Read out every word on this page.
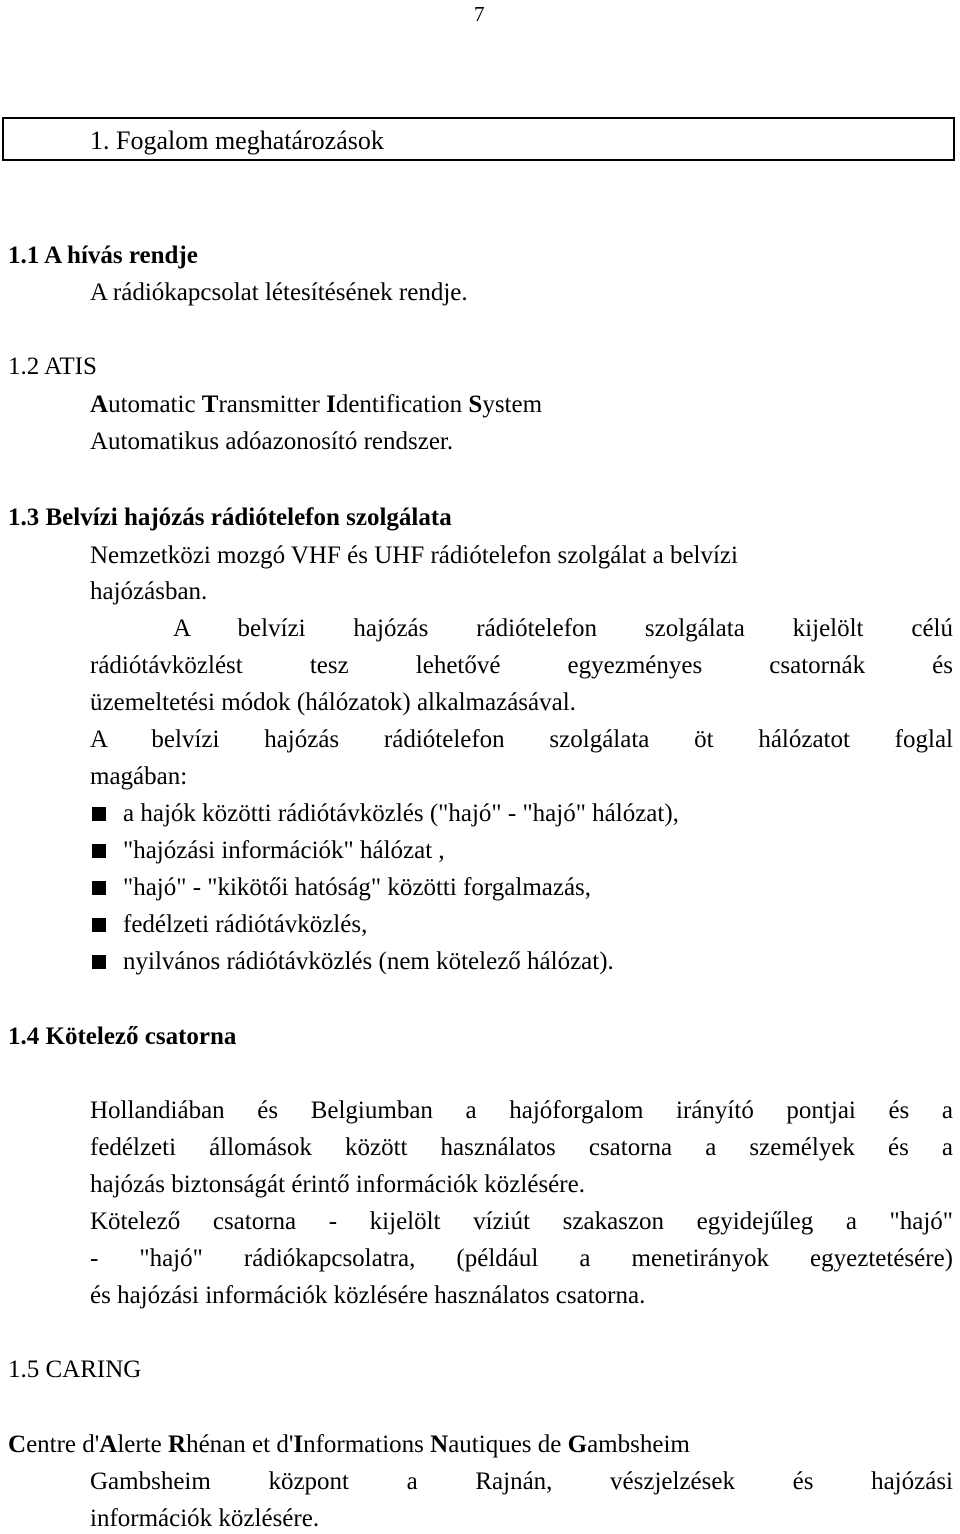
7
1. Fogalom meghatározások
1.1 A hívás rendje
A rádiókapcsolat létesítésének rendje.
1.2 ATIS
Automatic Transmitter Identification System
Automatikus adóazonosító rendszer.
1.3 Belvízi hajózás rádiótelefon szolgálata
Nemzetközi mozgó VHF és UHF rádiótelefon szolgálat a belvízi
hajózásban.
A belvízi hajózás rádiótelefon szolgálata kijelölt célú
rádiótávközlést tesz lehetővé egyezményes csatornák és
üzemeltetési módok (hálózatok) alkalmazásával.
A belvízi hajózás rádiótelefon szolgálata öt hálózatot foglal
magában:
a hajók közötti rádiótávközlés ("hajó" - "hajó" hálózat),
"hajózási információk" hálózat ,
"hajó" - "kikötői hatóság" közötti forgalmazás,
fedélzeti rádiótávközlés,
nyilvános rádiótávközlés (nem kötelező hálózat).
1.4 Kötelező csatorna
Hollandiában és Belgiumban a hajóforgalom irányító pontjai és a
fedélzeti állomások között használatos csatorna a személyek és a
hajózás biztonságát érintő információk közlésére.
Kötelező csatorna - kijelölt víziút szakaszon egyidejűleg a "hajó"
- "hajó" rádiókapcsolatra, (például a menetirányok egyeztetésére)
és hajózási információk közlésére használatos csatorna.
1.5 CARING
Centre d'Alerte Rhénan et d'Informations Nautiques de Gambsheim
Gambsheim központ a Rajnán, vészjelzések és hajózási
információk közlésére.
